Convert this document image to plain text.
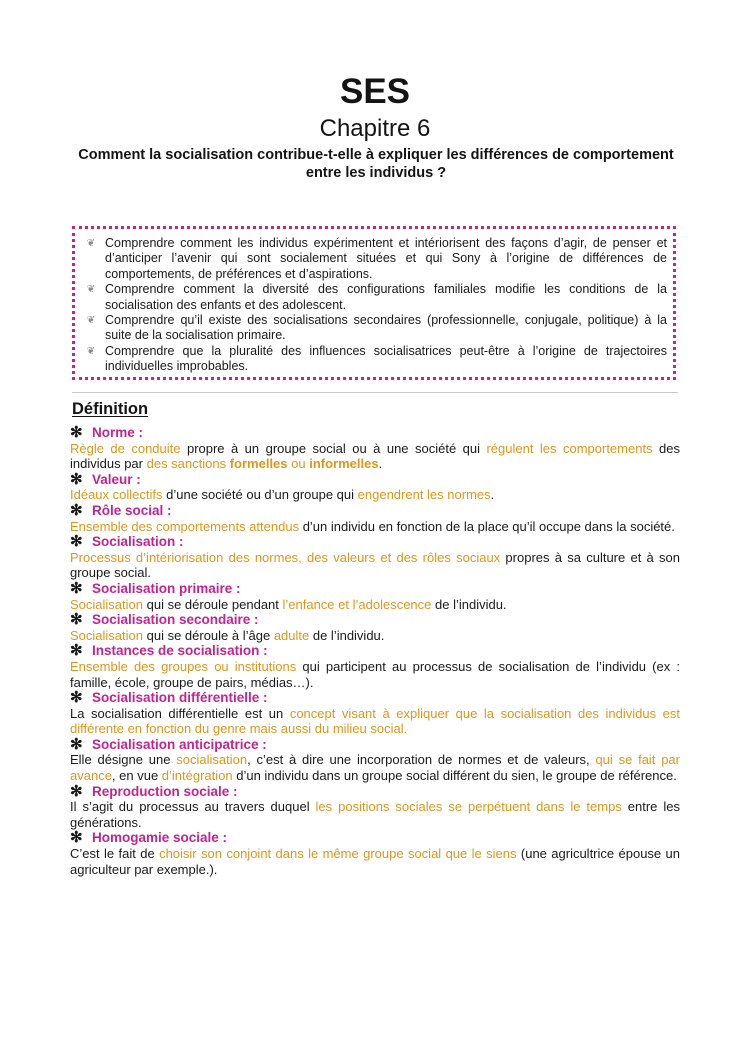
SES
Chapitre 6

Comment la socialisation contribue-t-elle à expliquer les différences de comportement entre les individus ?

❦ Comprendre comment les individus expérimentent et intériorisent des façons d’agir, de penser et d’anticiper l’avenir qui sont socialement situées et qui Sony à l’origine de différences de comportements, de préférences et d’aspirations.
❦ Comprendre comment la diversité des configurations familiales modifie les conditions de la socialisation des enfants et des adolescent.
❦ Comprendre qu’il existe des socialisations secondaires (professionnelle, conjugale, politique) à la suite de la socialisation primaire.
❦ Comprendre que la pluralité des influences socialisatrices peut-être à l’origine de trajectoires individuelles improbables.
Définition

✻ Norme :

Règle de conduite propre à un groupe social ou à une société qui régulent les comportements des individus par des sanctions formelles ou informelles.

✻ Valeur :

Idéaux collectifs d’une société ou d’un groupe qui engendrent les normes.

✻ Rôle social :

Ensemble des comportements attendus d’un individu en fonction de la place qu’il occupe dans la société.

✻ Socialisation :

Processus d’intériorisation des normes, des valeurs et des rôles sociaux propres à sa culture et à son groupe social.

✻ Socialisation primaire :

Socialisation qui se déroule pendant l’enfance et l’adolescence de l’individu.

✻ Socialisation secondaire :

Socialisation qui se déroule à l’âge adulte de l’individu.

✻ Instances de socialisation :

Ensemble des groupes ou institutions qui participent au processus de socialisation de l’individu (ex : famille, école, groupe de pairs, médias…).

✻ Socialisation différentielle :

La socialisation différentielle est un concept visant à expliquer que la socialisation des individus est différente en fonction du genre mais aussi du milieu social.

✻ Socialisation anticipatrice :

Elle désigne une socialisation, c’est à dire une incorporation de normes et de valeurs, qui se fait par avance, en vue d’intégration d’un individu dans un groupe social différent du sien, le groupe de référence.

✻ Reproduction sociale :

Il s’agit du processus au travers duquel les positions sociales se perpétuent dans le temps entre les générations.

✻ Homogamie sociale :

C’est le fait de choisir son conjoint dans le même groupe social que le siens (une agricultrice épouse un agriculteur par exemple.).
